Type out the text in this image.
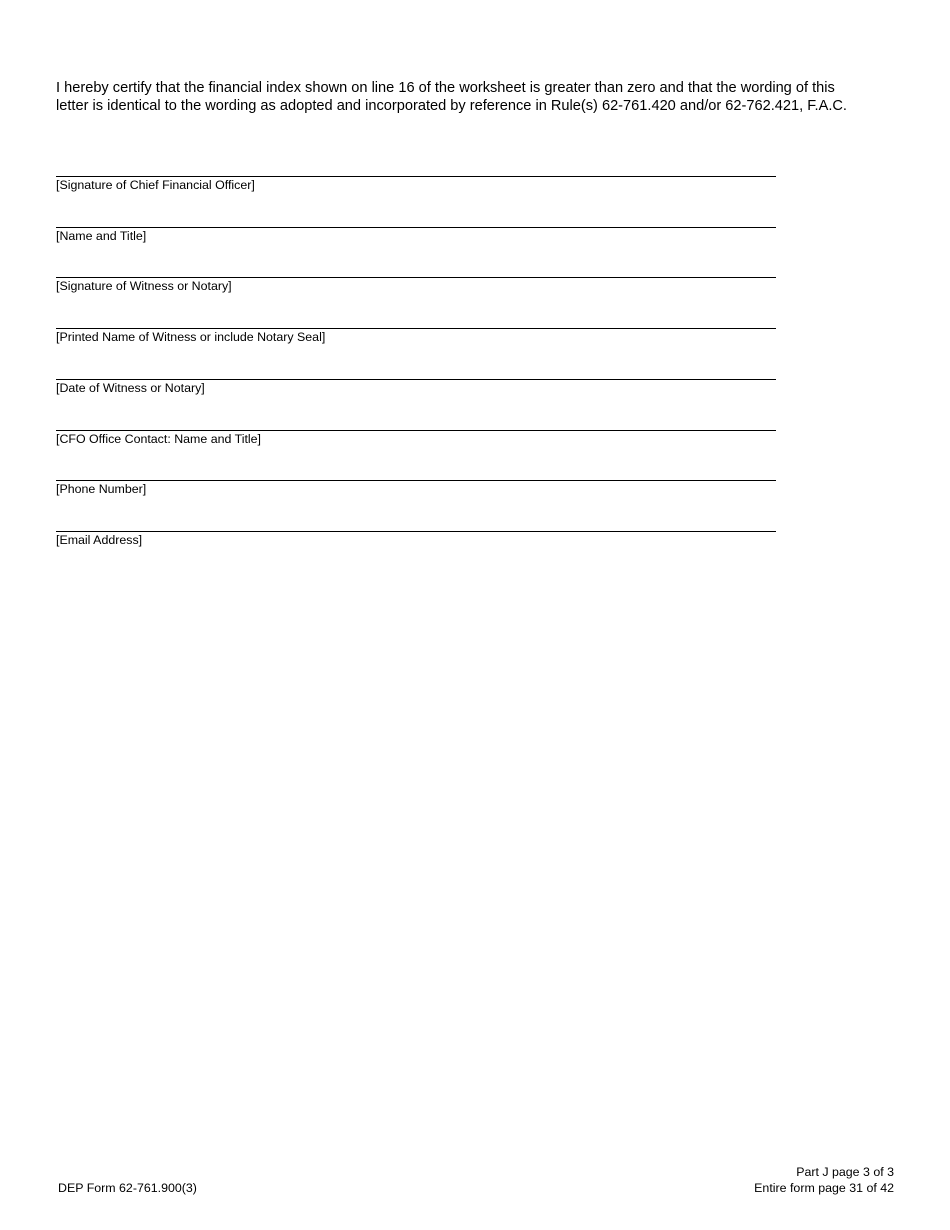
I hereby certify that the financial index shown on line 16 of the worksheet is greater than zero and that the wording of this letter is identical to the wording as adopted and incorporated by reference in Rule(s) 62-761.420 and/or 62-762.421, F.A.C.

[Signature of Chief Financial Officer]
[Name and Title]
[Signature of Witness or Notary]
[Printed Name of Witness or include Notary Seal]
[Date of Witness or Notary]
[CFO Office Contact: Name and Title]
[Phone Number]
[Email Address]
DEP Form 62-761.900(3)
Part J page 3 of 3
Entire form page 31 of 42
